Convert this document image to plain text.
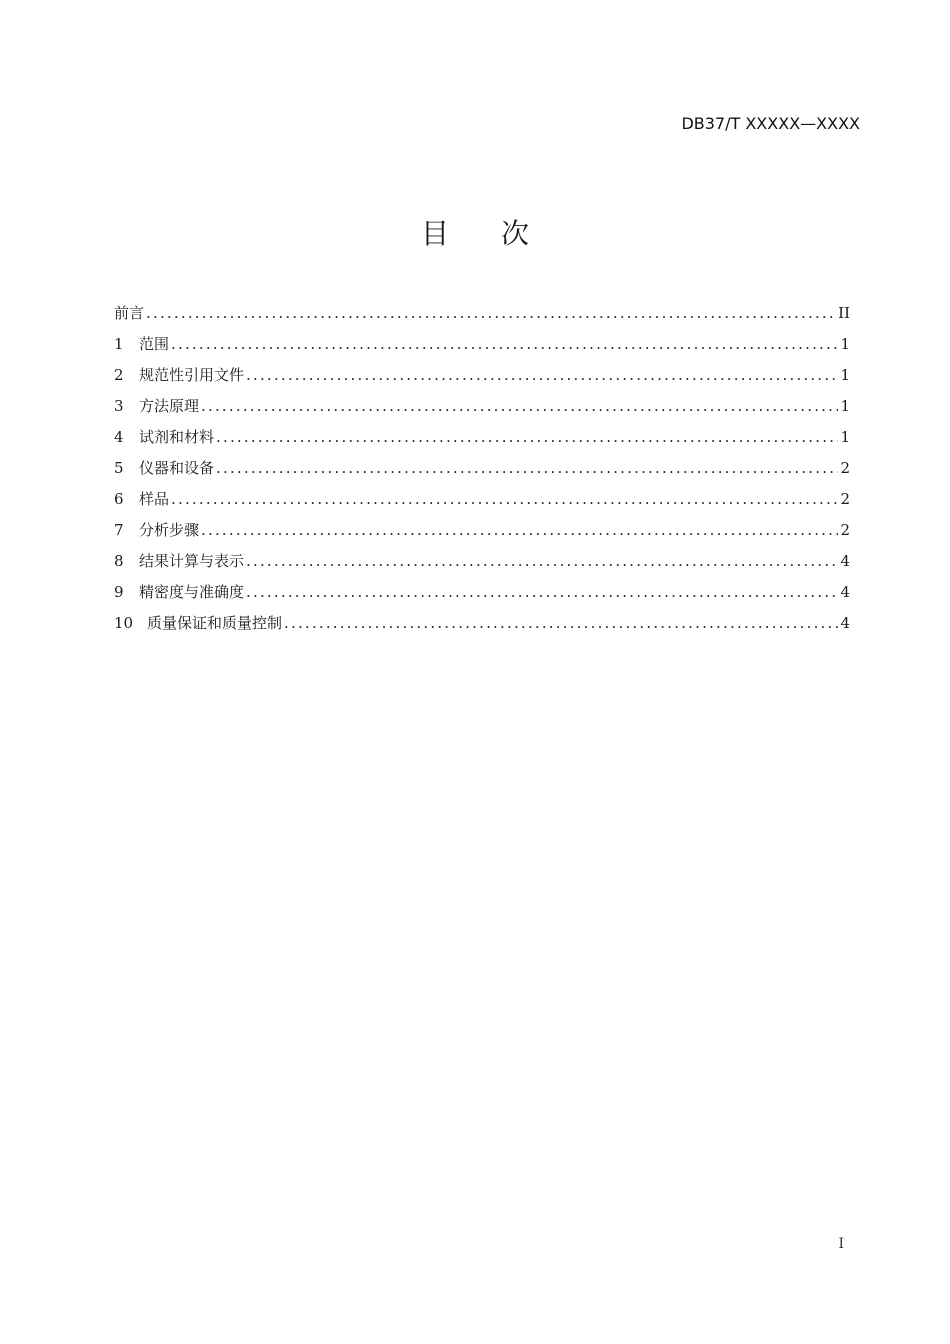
DB37/T XXXXX—XXXX
目 次
前言 .....	II
1	范围 .....	1
2	规范性引用文件 .....	1
3	方法原理 .....	1
4	试剂和材料 .....	1
5	仪器和设备 .....	2
6	样品 .....	2
7	分析步骤 .....	2
8	结果计算与表示 .....	4
9	精密度与准确度 .....	4
10 质量保证和质量控制 .....	4
I
